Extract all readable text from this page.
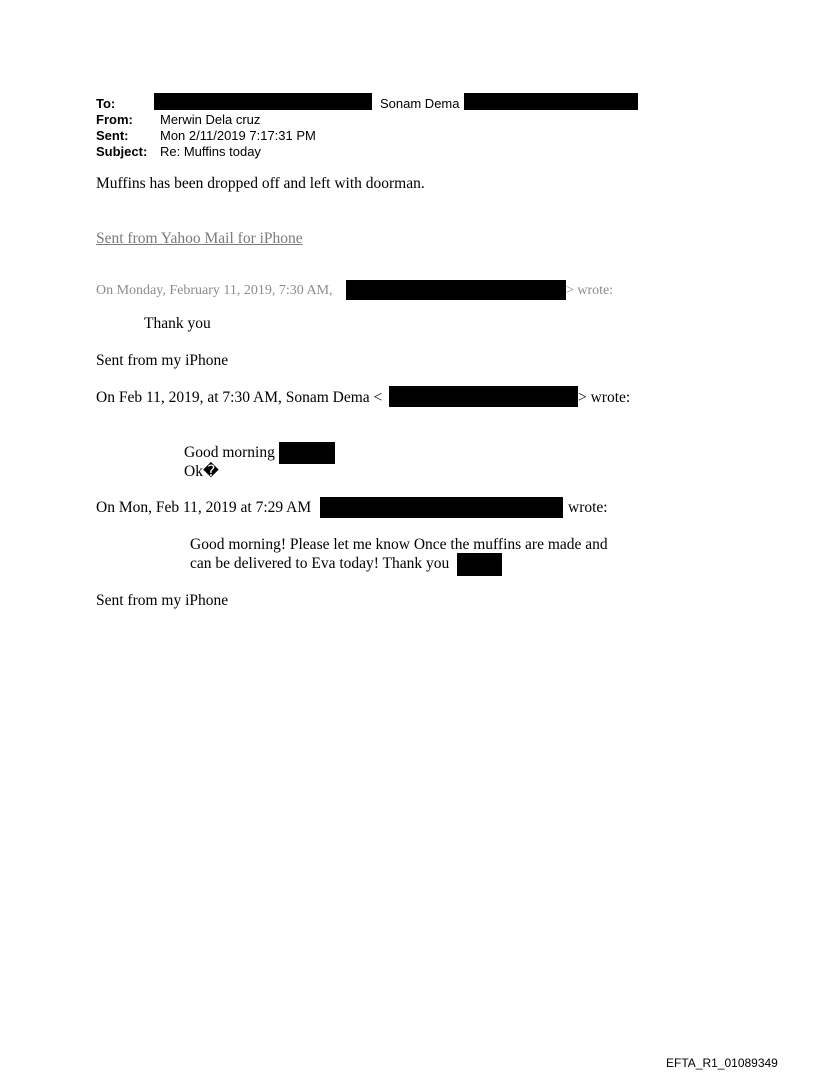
To:	Sonam Dema
From: Merwin Dela cruz
Sent: Mon 2/11/2019 7:17:31 PM
Subject: Re: Muffins today
Muffins has been dropped off and left with doorman.
Sent from Yahoo Mail for iPhone
On Monday, February 11, 2019, 7:30 AM,	> wrote:
Thank you
Sent from my iPhone
On Feb 11, 2019, at 7:30 AM, Sonam Dema <	> wrote:
Good morning
Ok�
On Mon, Feb 11, 2019 at 7:29 AM	wrote:
Good morning! Please let me know Once the muffins are made and
can be delivered to Eva today! Thank you
Sent from my iPhone
EFTA_R1_01089349
